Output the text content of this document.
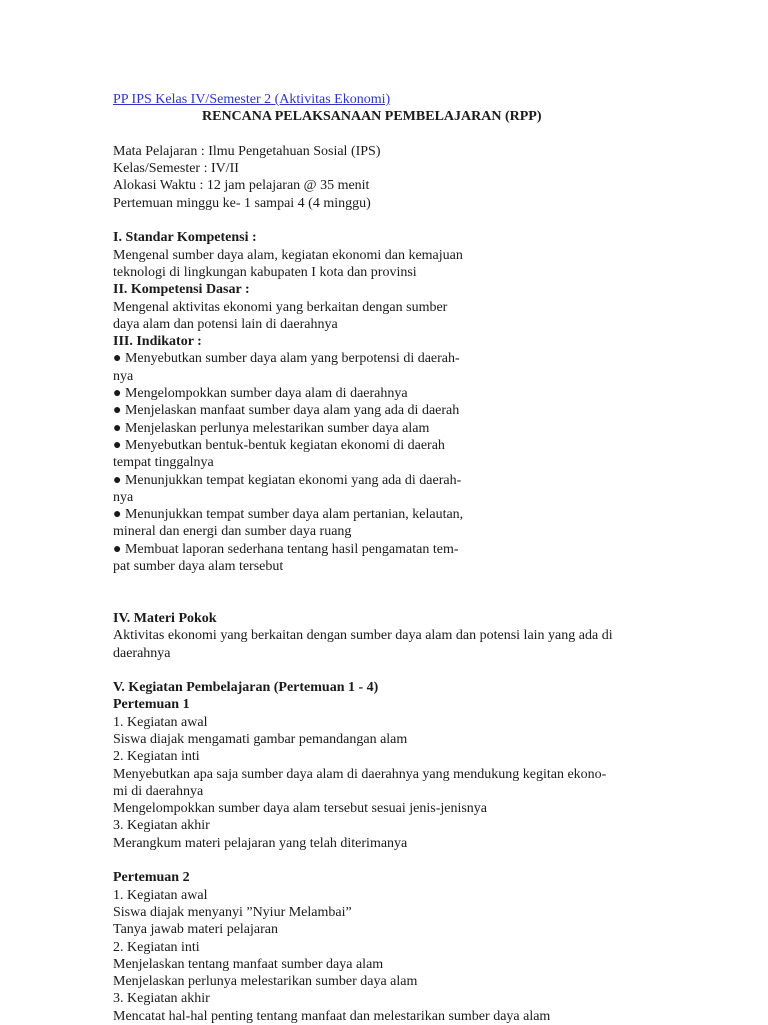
PP IPS Kelas IV/Semester 2 (Aktivitas Ekonomi)
RENCANA PELAKSANAAN PEMBELAJARAN (RPP)
Mata Pelajaran : Ilmu Pengetahuan Sosial (IPS)
Kelas/Semester : IV/II
Alokasi Waktu : 12 jam pelajaran @ 35 menit
Pertemuan minggu ke- 1 sampai 4 (4 minggu)
I. Standar Kompetensi :
Mengenal sumber daya alam, kegiatan ekonomi dan kemajuan
teknologi di lingkungan kabupaten I kota dan provinsi
II. Kompetensi Dasar :
Mengenal aktivitas ekonomi yang berkaitan dengan sumber
daya alam dan potensi lain di daerahnya
III. Indikator :
● Menyebutkan sumber daya alam yang berpotensi di daerah-
nya
● Mengelompokkan sumber daya alam di daerahnya
● Menjelaskan manfaat sumber daya alam yang ada di daerah
● Menjelaskan perlunya melestarikan sumber daya alam
● Menyebutkan bentuk-bentuk kegiatan ekonomi di daerah
tempat tinggalnya
● Menunjukkan tempat kegiatan ekonomi yang ada di daerah-
nya
● Menunjukkan tempat sumber daya alam pertanian, kelautan,
mineral dan energi dan sumber daya ruang
● Membuat laporan sederhana tentang hasil pengamatan tem-
pat sumber daya alam tersebut
IV. Materi Pokok
Aktivitas ekonomi yang berkaitan dengan sumber daya alam dan potensi lain yang ada di
daerahnya
V. Kegiatan Pembelajaran (Pertemuan 1 - 4)
Pertemuan 1
1. Kegiatan awal
Siswa diajak mengamati gambar pemandangan alam
2. Kegiatan inti
Menyebutkan apa saja sumber daya alam di daerahnya yang mendukung kegitan ekono-
mi di daerahnya
Mengelompokkan sumber daya alam tersebut sesuai jenis-jenisnya
3. Kegiatan akhir
Merangkum materi pelajaran yang telah diterimanya
Pertemuan 2
1. Kegiatan awal
Siswa diajak menyanyi ”Nyiur Melambai”
Tanya jawab materi pelajaran
2. Kegiatan inti
Menjelaskan tentang manfaat sumber daya alam
Menjelaskan perlunya melestarikan sumber daya alam
3. Kegiatan akhir
Mencatat hal-hal penting tentang manfaat dan melestarikan sumber daya alam
